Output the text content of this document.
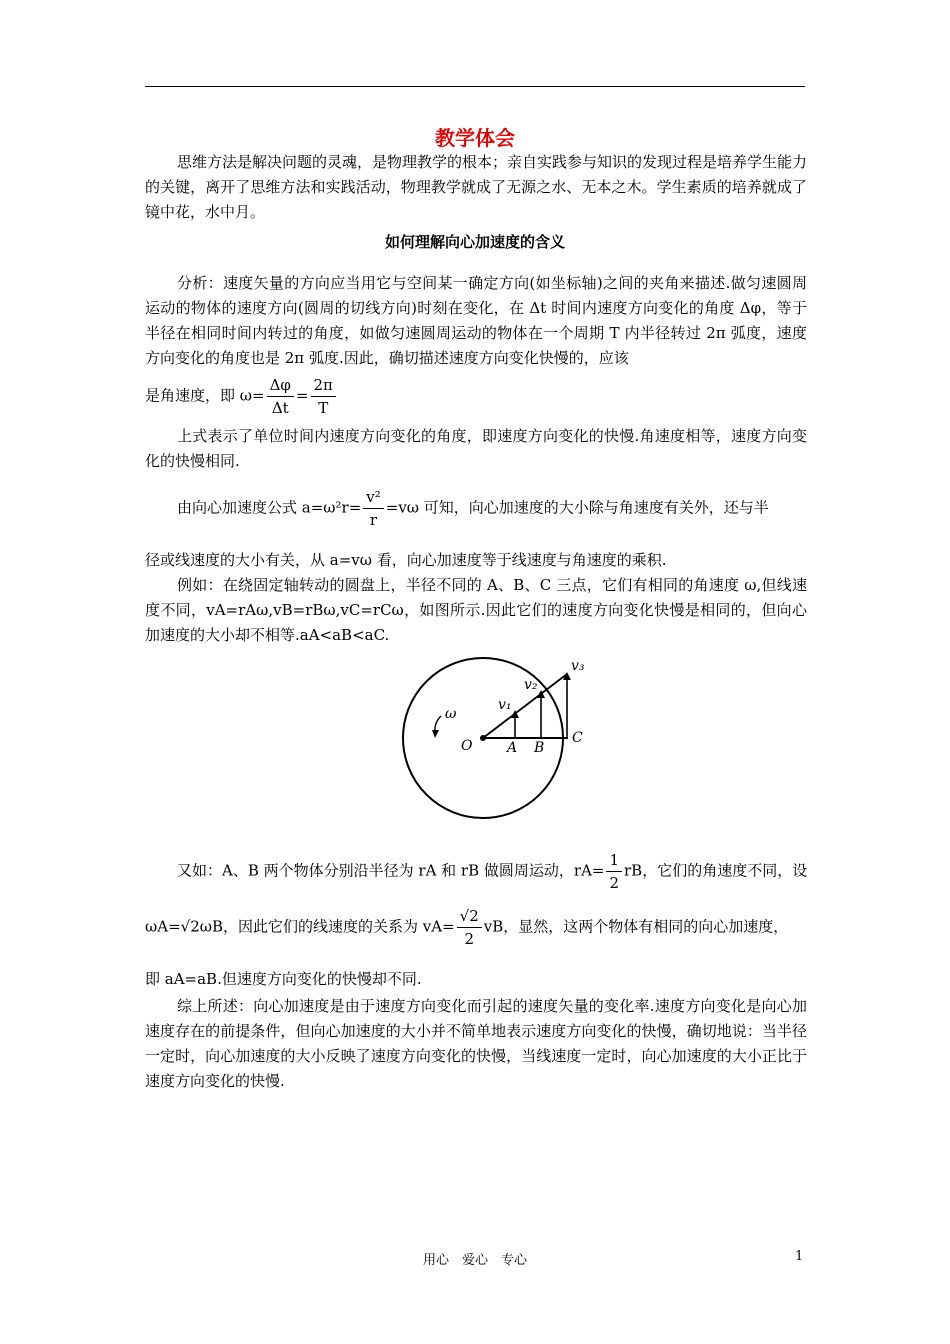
教学体会
思维方法是解决问题的灵魂，是物理教学的根本；亲自实践参与知识的发现过程是培养学生能力的关键，离开了思维方法和实践活动，物理教学就成了无源之水、无本之木。学生素质的培养就成了镜中花，水中月。
如何理解向心加速度的含义
分析：速度矢量的方向应当用它与空间某一确定方向(如坐标轴)之间的夹角来描述.做匀速圆周运动的物体的速度方向(圆周的切线方向)时刻在变化，在 Δt 时间内速度方向变化的角度 Δφ，等于半径在相同时间内转过的角度，如做匀速圆周运动的物体在一个周期 T 内半径转过 2π 弧度，速度方向变化的角度也是 2π 弧度.因此，确切描述速度方向变化快慢的，应该
是角速度，即 $\omega= \frac{\Delta\varphi}{\Delta t} = \frac{2\pi}{T}$
上式表示了单位时间内速度方向变化的角度，即速度方向变化的快慢.角速度相等，速度方向变化的快慢相同.
由向心加速度公式 $a=\omega^2r= \frac{\text{v²}}{r} =v\omega$ 可知，向心加速度的大小除与角速度有关外，还与半
径或线速度的大小有关，从 a=vω 看，向心加速度等于线速度与角速度的乘积.
例如：在绕固定轴转动的圆盘上，半径不同的 A、B、C 三点，它们有相同的角速度 ω,但线速度不同，vA=rAω,vB=rBω,vC=rCω，如图所示.因此它们的速度方向变化快慢是相同的，但向心加速度的大小却不相等.aA<aB<aC.
ω
O A B
C
v₁
v₂
v₃
又如：A、B 两个物体分别沿半径为 rA 和 rB 做圆周运动，$rA= \frac{1}{2}$ rB，它们的角速度不同，设
ωA=√2ωB，因此它们的线速度的关系为 $vA= \frac{√2}{2}$ vB，显然，这两个物体有相同的向心加速度，
即 aA=aB.但速度方向变化的快慢却不同.
综上所述：向心加速度是由于速度方向变化而引起的速度矢量的变化率.速度方向变化是向心加速度存在的前提条件，但向心加速度的大小并不简单地表示速度方向变化的快慢，确切地说：当半径一定时，向心加速度的大小反映了速度方向变化的快慢，当线速度一定时，向心加速度的大小正比于速度方向变化的快慢.
用心　爱心　专心	1
